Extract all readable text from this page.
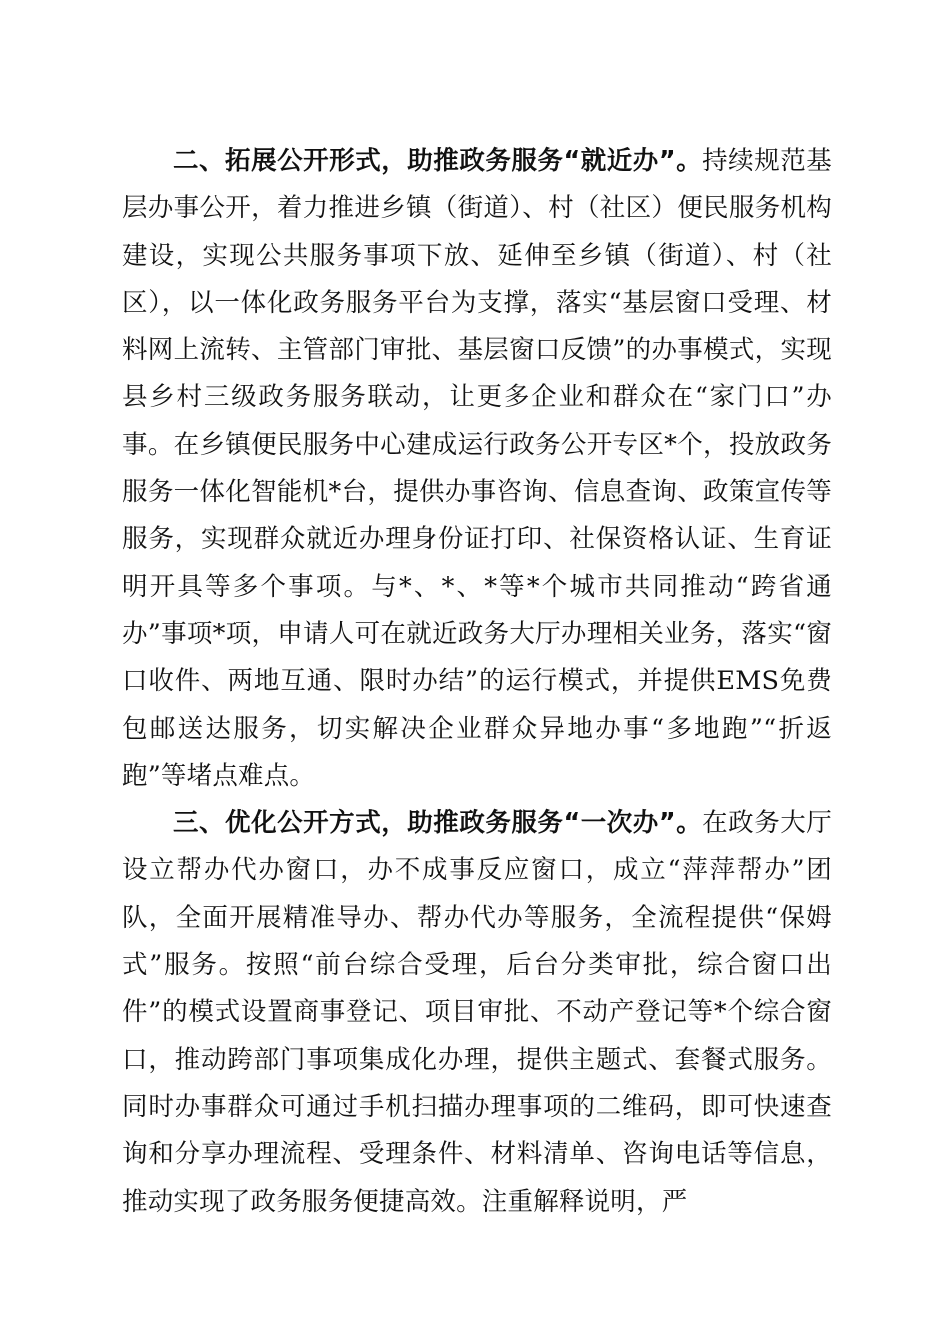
二、拓展公开形式，助推政务服务“就近办”。持续规范基层办事公开，着力推进乡镇（街道）、村（社区）便民服务机构建设，实现公共服务事项下放、延伸至乡镇（街道）、村（社区），以一体化政务服务平台为支撑，落实“基层窗口受理、材料网上流转、主管部门审批、基层窗口反馈”的办事模式，实现县乡村三级政务服务联动，让更多企业和群众在“家门口”办事。在乡镇便民服务中心建成运行政务公开专区*个，投放政务服务一体化智能机*台，提供办事咨询、信息查询、政策宣传等服务，实现群众就近办理身份证打印、社保资格认证、生育证明开具等多个事项。与*、*、*等*个城市共同推动“跨省通办”事项*项，申请人可在就近政务大厅办理相关业务，落实“窗口收件、两地互通、限时办结”的运行模式，并提供EMS免费包邮送达服务，切实解决企业群众异地办事“多地跑”“折返跑”等堵点难点。

三、优化公开方式，助推政务服务“一次办”。在政务大厅设立帮办代办窗口，办不成事反应窗口，成立“萍萍帮办”团队，全面开展精准导办、帮办代办等服务，全流程提供“保姆式”服务。按照“前台综合受理，后台分类审批，综合窗口出件”的模式设置商事登记、项目审批、不动产登记等*个综合窗口，推动跨部门事项集成化办理，提供主题式、套餐式服务。同时办事群众可通过手机扫描办理事项的二维码，即可快速查询和分享办理流程、受理条件、材料清单、咨询电话等信息，推动实现了政务服务便捷高效。注重解释说明，严
